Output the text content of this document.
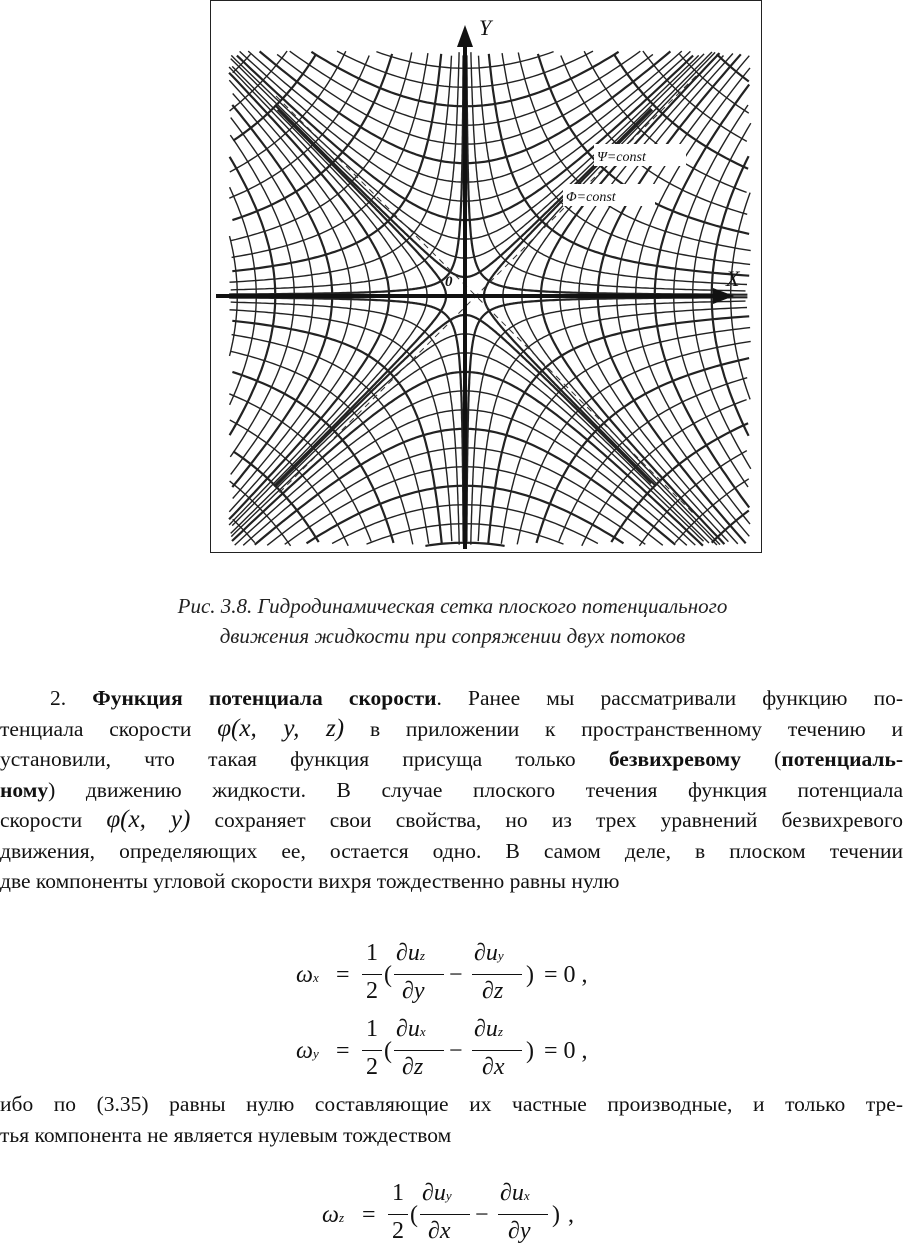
X
Y
0
Ψ=const
Φ=const
Рис. 3.8. Гидродинамическая сетка плоского потенциального
движения жидкости при сопряжении двух потоков
2. Функция потенциала скорости. Ранее мы рассматривали функцию по-
тенциала скорости φ(x, y, z) в приложении к пространственному течению и
установили, что такая функция присуща только безвихревому (потенциаль-
ному) движению жидкости. В случае плоского течения функция потенциала
скорости φ(x, y) сохраняет свои свойства, но из трех уравнений безвихревого
движения, определяющих ее, остается одно. В самом деле, в плоском течении
две компоненты угловой скорости вихря тождественно равны нулю
ωx =
1
2
(
∂uz
∂y
−
∂uy
∂z
) = 0 ,
ωy =
1
2
(
∂ux
∂z
−
∂uz
∂x
) = 0 ,
ибо по (3.35) равны нулю составляющие их частные производные, и только тре-
тья компонента не является нулевым тождеством
ωz =
1
2
(
∂uy
∂x
−
∂ux
∂y
) ,
